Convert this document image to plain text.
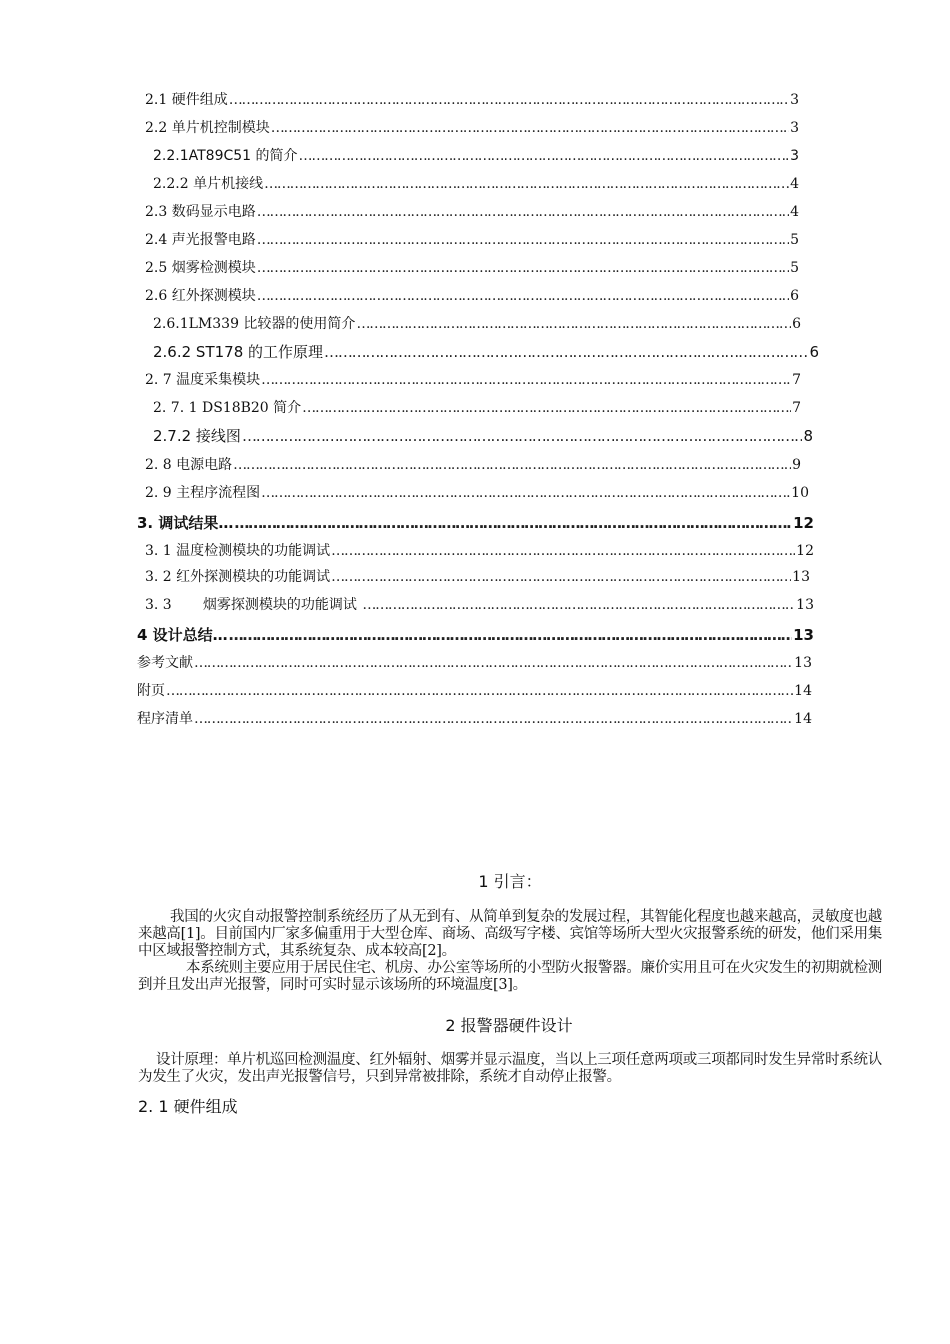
2.1 硬件组成 ………………………………………………………………………………………………………………………………………………………………………………………………………………………………………………………………………………………………………………………………	3
2.2 单片机控制模块 ………………………………………………………………………………………………………………………………………………………………………………………………………………………………………………………………………………………………………………………………	3
2.2.1AT89C51 的简介 ………………………………………………………………………………………………………………………………………………………………………………………………………………………………………………………………………………………………………………………………	3
2.2.2 单片机接线 ………………………………………………………………………………………………………………………………………………………………………………………………………………………………………………………………………………………………………………………………	4
2.3 数码显示电路 ………………………………………………………………………………………………………………………………………………………………………………………………………………………………………………………………………………………………………………………………	4
2.4 声光报警电路 ………………………………………………………………………………………………………………………………………………………………………………………………………………………………………………………………………………………………………………………………	5
2.5 烟雾检测模块 ………………………………………………………………………………………………………………………………………………………………………………………………………………………………………………………………………………………………………………………………	5
2.6 红外探测模块 ………………………………………………………………………………………………………………………………………………………………………………………………………………………………………………………………………………………………………………………………	6
2.6.1LM339 比较器的使用简介 ………………………………………………………………………………………………………………………………………………………………………………………………………………………………………………………………………………………………………………………………	6
2.6.2 ST178 的工作原理 ………………………………………………………………………………………………………………………………………………………………………………………………………………………………………………………………………………………………………………………………	6
2. 7 温度采集模块 ………………………………………………………………………………………………………………………………………………………………………………………………………………………………………………………………………………………………………………………………	7
2. 7. 1 DS18B20 简介 ………………………………………………………………………………………………………………………………………………………………………………………………………………………………………………………………………………………………………………………………	7
2.7.2 接线图 ………………………………………………………………………………………………………………………………………………………………………………………………………………………………………………………………………………………………………………………………	8
2. 8 电源电路 ………………………………………………………………………………………………………………………………………………………………………………………………………………………………………………………………………………………………………………………………	9
2. 9 主程序流程图 ………………………………………………………………………………………………………………………………………………………………………………………………………………………………………………………………………………………………………………………………	10
3. 调试结果… ………………………………………………………………………………………………………………………………………………………………………………………………………………………………………………………………………………………………………………………………	12
3. 1 温度检测模块的功能调试 ………………………………………………………………………………………………………………………………………………………………………………………………………………………………………………………………………………………………………………………………	12
3. 2 红外探测模块的功能调试 ………………………………………………………………………………………………………………………………………………………………………………………………………………………………………………………………………………………………………………………………	13
3. 3       烟雾探测模块的功能调试 ………………………………………………………………………………………………………………………………………………………………………………………………………………………………………………………………………………………………………………………………	13
4 设计总结… ………………………………………………………………………………………………………………………………………………………………………………………………………………………………………………………………………………………………………………………………	13
参考文献 ………………………………………………………………………………………………………………………………………………………………………………………………………………………………………………………………………………………………………………………………	13
附页 ………………………………………………………………………………………………………………………………………………………………………………………………………………………………………………………………………………………………………………………………	14
程序清单 ………………………………………………………………………………………………………………………………………………………………………………………………………………………………………………………………………………………………………………………………	14
1 引言：
我国的火灾自动报警控制系统经历了从无到有、从简单到复杂的发展过程，其智能化程度也越来越高，灵敏度也越来越高[1]。目前国内厂家多偏重用于大型仓库、商场、高级写字楼、宾馆等场所大型火灾报警系统的研发，他们采用集中区域报警控制方式，其系统复杂、成本较高[2]。
本系统则主要应用于居民住宅、机房、办公室等场所的小型防火报警器。廉价实用且可在火灾发生的初期就检测到并且发出声光报警，同时可实时显示该场所的环境温度[3]。
2 报警器硬件设计
设计原理：单片机巡回检测温度、红外辐射、烟雾并显示温度，当以上三项任意两项或三项都同时发生异常时系统认为发生了火灾，发出声光报警信号，只到异常被排除，系统才自动停止报警。
2. 1 硬件组成
